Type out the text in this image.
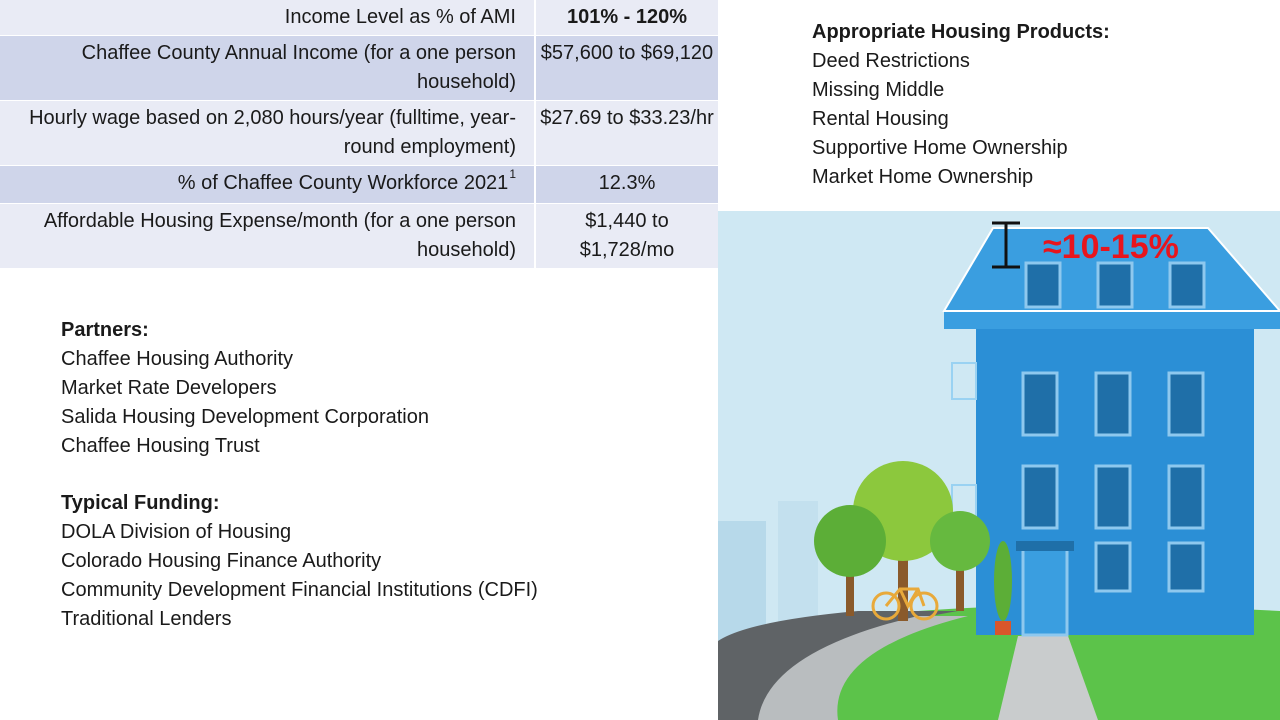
Income Level as % of AMI	101% - 120%
Chaffee County Annual Income (for a one person household)	$57,600 to $69,120
Hourly wage based on 2,080 hours/year (fulltime, year-round employment)	$27.69 to $33.23/hr
% of Chaffee County Workforce 2021$^1$	12.3%
Affordable Housing Expense/month (for a one person household)	$1,440 to $1,728/mo
Appropriate Housing Products:
Deed Restrictions
Missing Middle
Rental Housing
Supportive Home Ownership
Market Home Ownership
Partners:
Chaffee Housing Authority
Market Rate Developers
Salida Housing Development Corporation
Chaffee Housing Trust
Typical Funding:
DOLA Division of Housing
Colorado Housing Finance Authority
Community Development Financial Institutions (CDFI)
Traditional Lenders
≈10-15%
